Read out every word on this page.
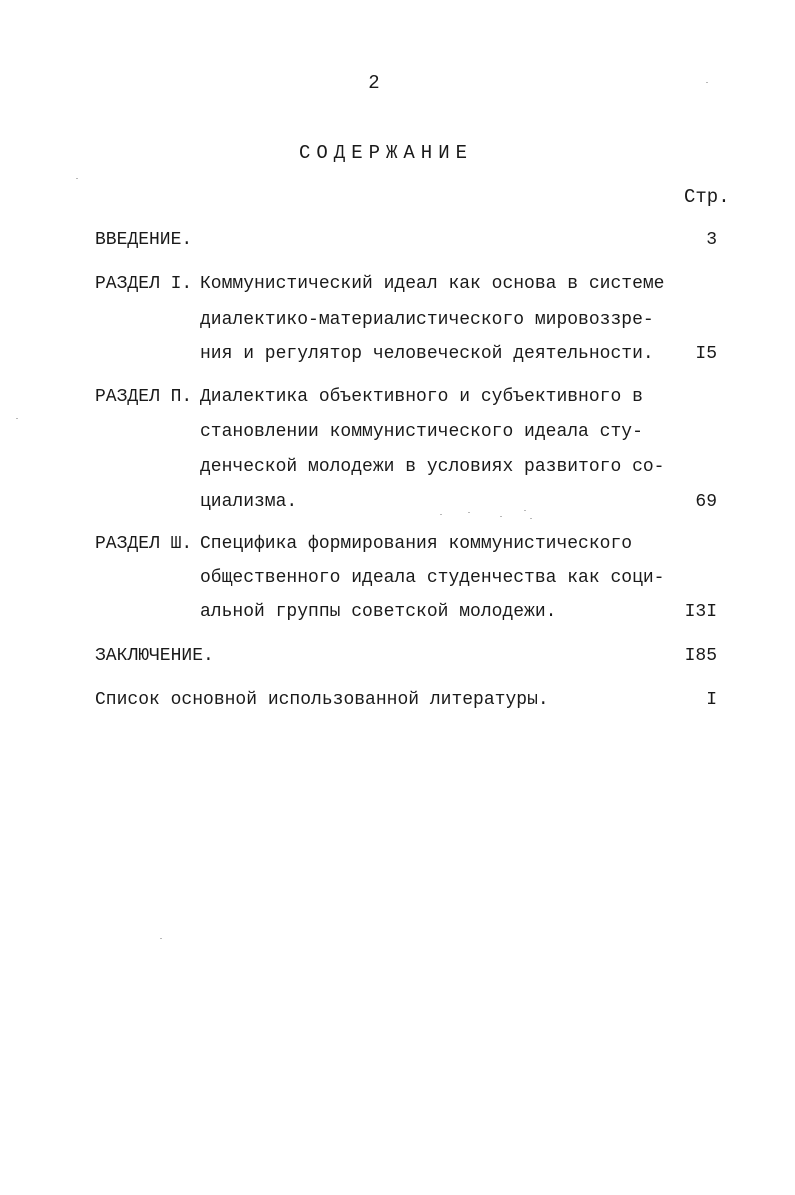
2
СОДЕРЖАНИЕ
Стр.
ВВЕДЕНИЕ.	3
РАЗДЕЛ I. Коммунистический идеал как основа в системе
диалектико-материалистического мировоззре-
ния и регулятор человеческой деятельности. I5
РАЗДЕЛ П. Диалектика объективного и субъективного в
становлении коммунистического идеала сту-
денческой молодежи в условиях развитого со-
циализма.	69
РАЗДЕЛ Ш. Специфика формирования коммунистического
общественного идеала студенчества как соци-
альной группы советской молодежи.	I3I
ЗАКЛЮЧЕНИЕ.	I85
Список основной использованной литературы.	I
